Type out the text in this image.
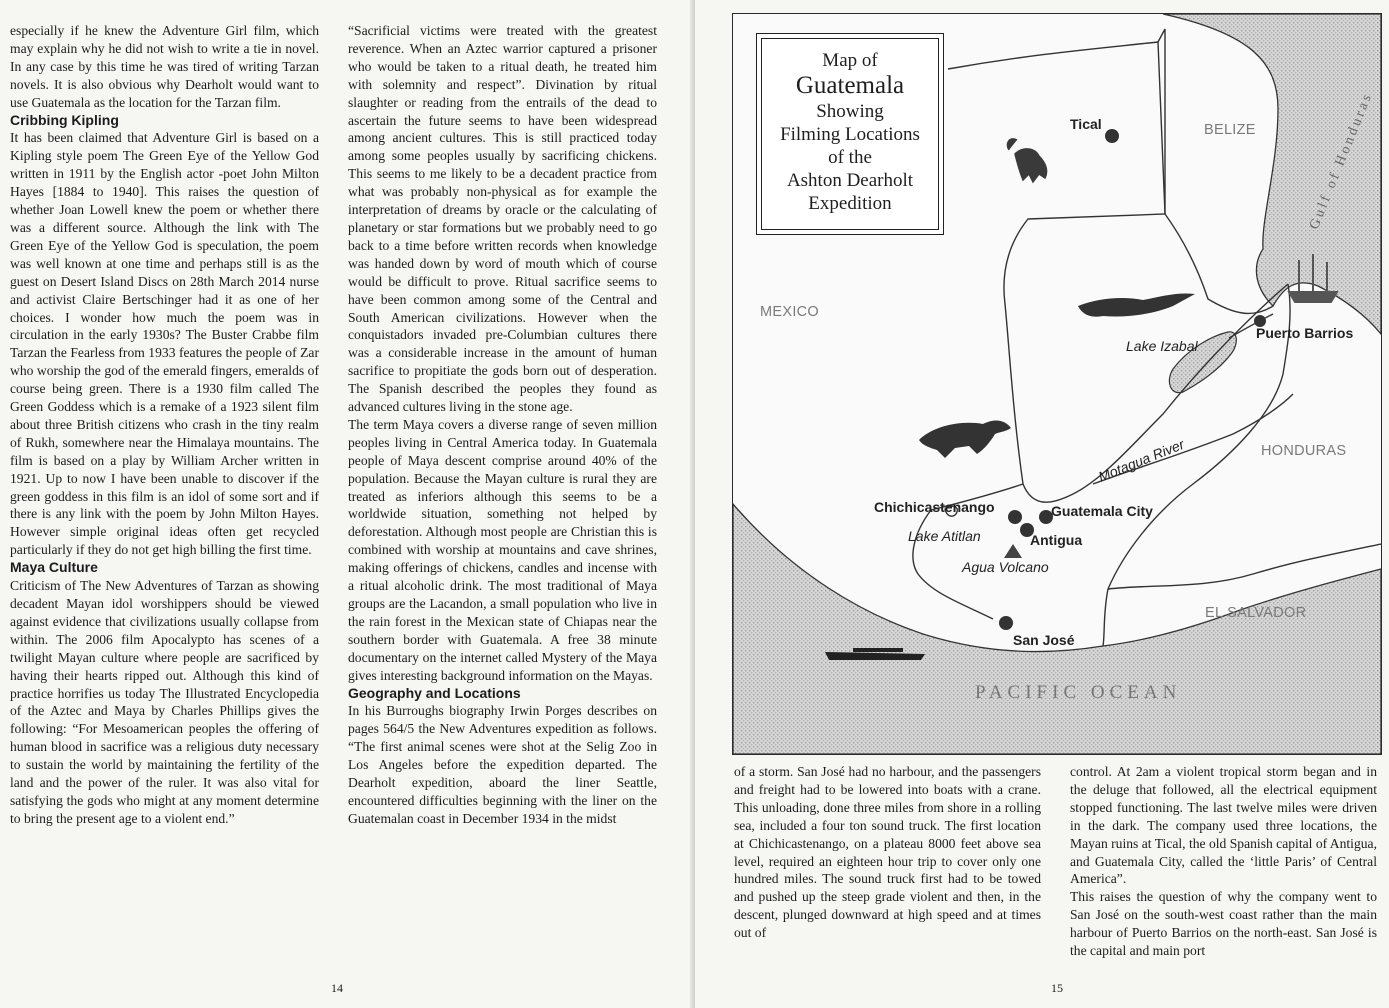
especially if he knew the Adventure Girl film, which may explain why he did not wish to write a tie in novel. In any case by this time he was tired of writing Tarzan novels. It is also obvious why Dearholt would want to use Guatemala as the location for the Tarzan film.

Cribbing Kipling

It has been claimed that Adventure Girl is based on a Kipling style poem The Green Eye of the Yellow God written in 1911 by the English actor -poet John Milton Hayes [1884 to 1940]. This raises the question of whether Joan Lowell knew the poem or whether there was a different source. Although the link with The Green Eye of the Yellow God is speculation, the poem was well known at one time and perhaps still is as the guest on Desert Island Discs on 28th March 2014 nurse and activist Claire Bertschinger had it as one of her choices. I wonder how much the poem was in circulation in the early 1930s? The Buster Crabbe film Tarzan the Fearless from 1933 features the people of Zar who worship the god of the emerald fingers, emeralds of course being green. There is a 1930 film called The Green Goddess which is a remake of a 1923 silent film about three British citizens who crash in the tiny realm of Rukh, somewhere near the Himalaya mountains. The film is based on a play by William Archer written in 1921. Up to now I have been unable to discover if the green goddess in this film is an idol of some sort and if there is any link with the poem by John Milton Hayes. However simple original ideas often get recycled particularly if they do not get high billing the first time.

Maya Culture

Criticism of The New Adventures of Tarzan as showing decadent Mayan idol worshippers should be viewed against evidence that civilizations usually collapse from within. The 2006 film Apocalypto has scenes of a twilight Mayan culture where people are sacrificed by having their hearts ripped out. Although this kind of practice horrifies us today The Illustrated Encyclopedia of the Aztec and Maya by Charles Phillips gives the following: “For Mesoamerican peoples the offering of human blood in sacrifice was a religious duty necessary to sustain the world by maintaining the fertility of the land and the power of the ruler. It was also vital for satisfying the gods who might at any moment determine to bring the present age to a violent end.”

“Sacrificial victims were treated with the greatest reverence. When an Aztec warrior captured a prisoner who would be taken to a ritual death, he treated him with solemnity and respect”. Divination by ritual slaughter or reading from the entrails of the dead to ascertain the future seems to have been widespread among ancient cultures. This is still practiced today among some peoples usually by sacrificing chickens. This seems to me likely to be a decadent practice from what was probably non-physical as for example the interpretation of dreams by oracle or the calculating of planetary or star formations but we probably need to go back to a time before written records when knowledge was handed down by word of mouth which of course would be difficult to prove. Ritual sacrifice seems to have been common among some of the Central and South American civilizations. However when the conquistadors invaded pre-Columbian cultures there was a considerable increase in the amount of human sacrifice to propitiate the gods born out of desperation. The Spanish described the peoples they found as advanced cultures living in the stone age.

The term Maya covers a diverse range of seven million peoples living in Central America today. In Guatemala people of Maya descent comprise around 40% of the population. Because the Mayan culture is rural they are treated as inferiors although this seems to be a worldwide situation, something not helped by deforestation. Although most people are Christian this is combined with worship at mountains and cave shrines, making offerings of chickens, candles and incense with a ritual alcoholic drink. The most traditional of Maya groups are the Lacandon, a small population who live in the rain forest in the Mexican state of Chiapas near the southern border with Guatemala. A free 38 minute documentary on the internet called Mystery of the Maya gives interesting background information on the Mayas.

Geography and Locations

In his Burroughs biography Irwin Porges describes on pages 564/5 the New Adventures expedition as follows. “The first animal scenes were shot at the Selig Zoo in Los Angeles before the expedition departed. The Dearholt expedition, aboard the liner Seattle, encountered difficulties beginning with the liner on the Guatemalan coast in December 1934 in the midst

14

of a storm. San José had no harbour, and the passengers and freight had to be lowered into boats with a crane. This unloading, done three miles from shore in a rolling sea, included a four ton sound truck. The first location at Chichicastenango, on a plateau 8000 feet above sea level, required an eighteen hour trip to cover only one hundred miles. The sound truck first had to be towed and pushed up the steep grade violent and then, in the descent, plunged downward at high speed and at times out of

control. At 2am a violent tropical storm began and in the deluge that followed, all the electrical equipment stopped functioning. The last twelve miles were driven in the dark. The company used three locations, the Mayan ruins at Tical, the old Spanish capital of Antigua, and Guatemala City, called the ‘little Paris’ of Central America”.

This raises the question of why the company went to San José on the south-west coast rather than the main harbour of Puerto Barrios on the north-east. San José is the capital and main port

15
Map of
Guatemala
Showing
Filming Locations
of the
Ashton Dearholt
Expedition
MEXICO
BELIZE
HONDURAS
EL SALVADOR
PACIFIC OCEAN
Gulf of Honduras
Motagua River
Lake Izabal
Lake Atitlan
Tical
Puerto Barrios
Chichicastenango	Guatemala City
Antigua
Agua Volcano
San José
